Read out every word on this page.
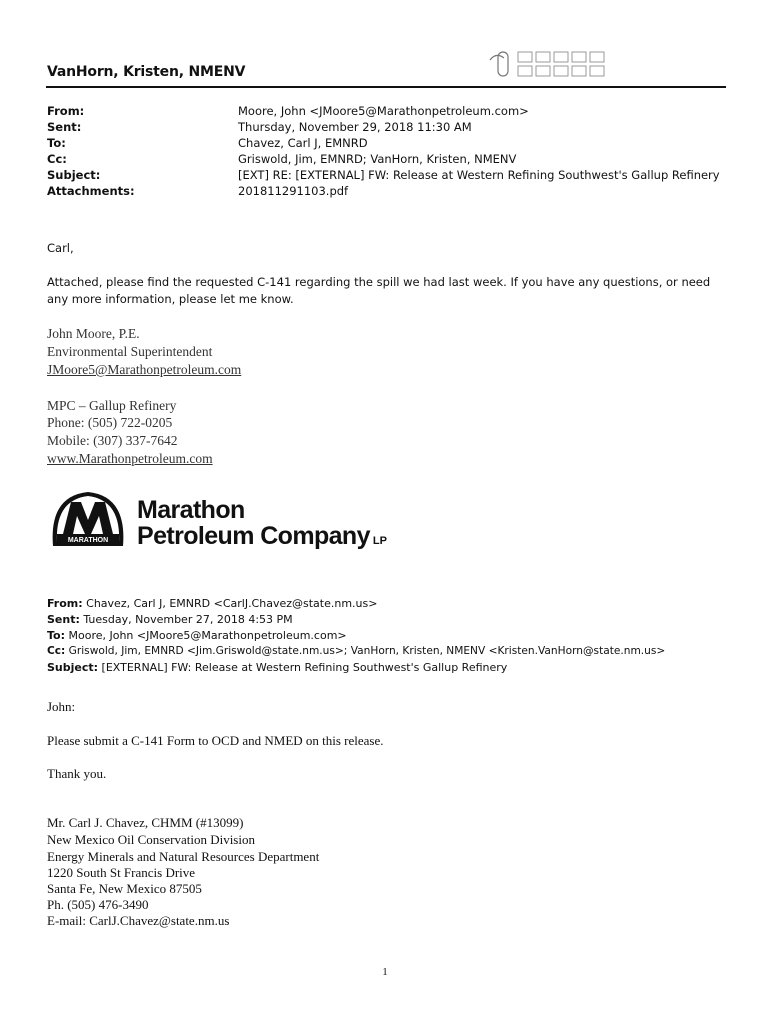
VanHorn, Kristen, NMENV
From:	Moore, John <JMoore5@Marathonpetroleum.com>
Sent:	Thursday, November 29, 2018 11:30 AM
To:	Chavez, Carl J, EMNRD
Cc:	Griswold, Jim, EMNRD; VanHorn, Kristen, NMENV
Subject:	[EXT] RE: [EXTERNAL] FW: Release at Western Refining Southwest's Gallup Refinery
Attachments:	201811291103.pdf
Carl,
Attached, please find the requested C-141 regarding the spill we had last week. If you have any questions, or need any more information, please let me know.
John Moore, P.E.
Environmental Superintendent
JMoore5@Marathonpetroleum.com
MPC – Gallup Refinery
Phone: (505) 722-0205
Mobile: (307) 337-7642
www.Marathonpetroleum.com
MARATHON
Marathon
Petroleum Company LP
From: Chavez, Carl J, EMNRD <CarlJ.Chavez@state.nm.us>
Sent: Tuesday, November 27, 2018 4:53 PM
To: Moore, John <JMoore5@Marathonpetroleum.com>
Cc: Griswold, Jim, EMNRD <Jim.Griswold@state.nm.us>; VanHorn, Kristen, NMENV <Kristen.VanHorn@state.nm.us>
Subject: [EXTERNAL] FW: Release at Western Refining Southwest's Gallup Refinery
John:
Please submit a C-141 Form to OCD and NMED on this release.
Thank you.
Mr. Carl J. Chavez, CHMM (#13099)
New Mexico Oil Conservation Division
Energy Minerals and Natural Resources Department
1220 South St Francis Drive
Santa Fe, New Mexico 87505
Ph. (505) 476-3490
E-mail: CarlJ.Chavez@state.nm.us
1
